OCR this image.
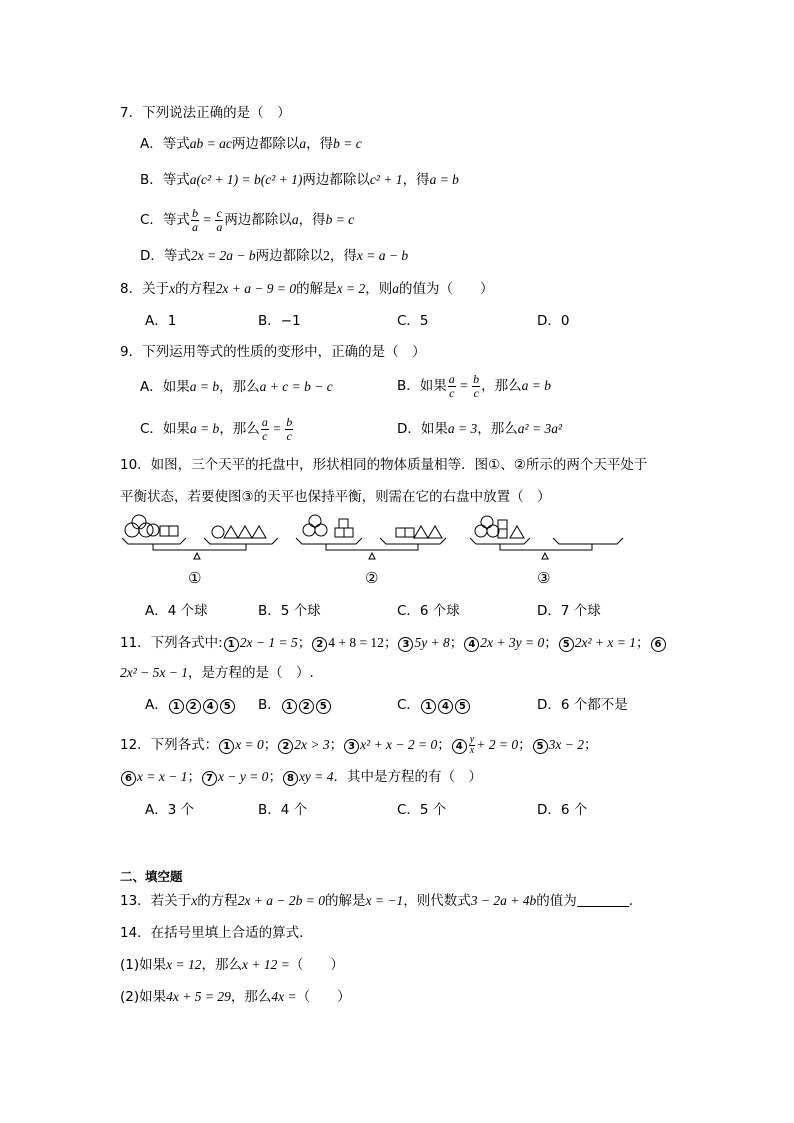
7．下列说法正确的是（　）
A．等式ab = ac两边都除以a，得b = c
B．等式a(c² + 1) = b(c² + 1)两边都除以c² + 1，得a = b
C．等式 $\frac{b}{a} = \frac{c}{a}$ 两边都除以a，得b = c
D．等式2x = 2a − b两边都除以2，得x = a − b
8．关于x的方程2x + a − 9 = 0的解是x = 2，则a的值为（　　）
A．1	B．−1	C．5	D．0
9．下列运用等式的性质的变形中，正确的是（　）
A．如果a = b，那么a + c = b − c	B．如果 $\frac{a}{c} = \frac{b}{c}$ ，那么a = b
C．如果a = b，那么 $\frac{a}{c} = \frac{b}{c}$	D．如果a = 3，那么a² = 3a²
10．如图，三个天平的托盘中，形状相同的物体质量相等．图①、②所示的两个天平处于
平衡状态，若要使图③的天平也保持平衡，则需在它的右盘中放置（　）
①	②	③
A．4 个球	B．5 个球	C．6 个球	D．7 个球
11．下列各式中: 1 2x − 1 = 5； 2 4 + 8 = 12； 3 5y + 8； 4 2x + 3y = 0； 5 2x² + x = 1； 6
2x² − 5x − 1，是方程的是（　）.
A． 1 2 4 5	B． 1 2 5	C． 1 4 5	D．6 个都不是
12．下列各式： 1 x = 0； 2 2x > 3； 3 x² + x − 2 = 0； $4 \frac{y}{x} + 2 = 0$； 5 3x − 2；
6 x = x − 1； 7 x − y = 0； 8 xy = 4．其中是方程的有（　）
A．3 个	B．4 个	C．5 个	D．6 个
二、填空题
13．若关于x的方程2x + a − 2b = 0的解是x = −1，则代数式3 − 2a + 4b的值为	.
14．在括号里填上合适的算式．
(1)如果x = 12，那么x + 12 =（　　）
(2)如果4x + 5 = 29，那么4x =（　　）
